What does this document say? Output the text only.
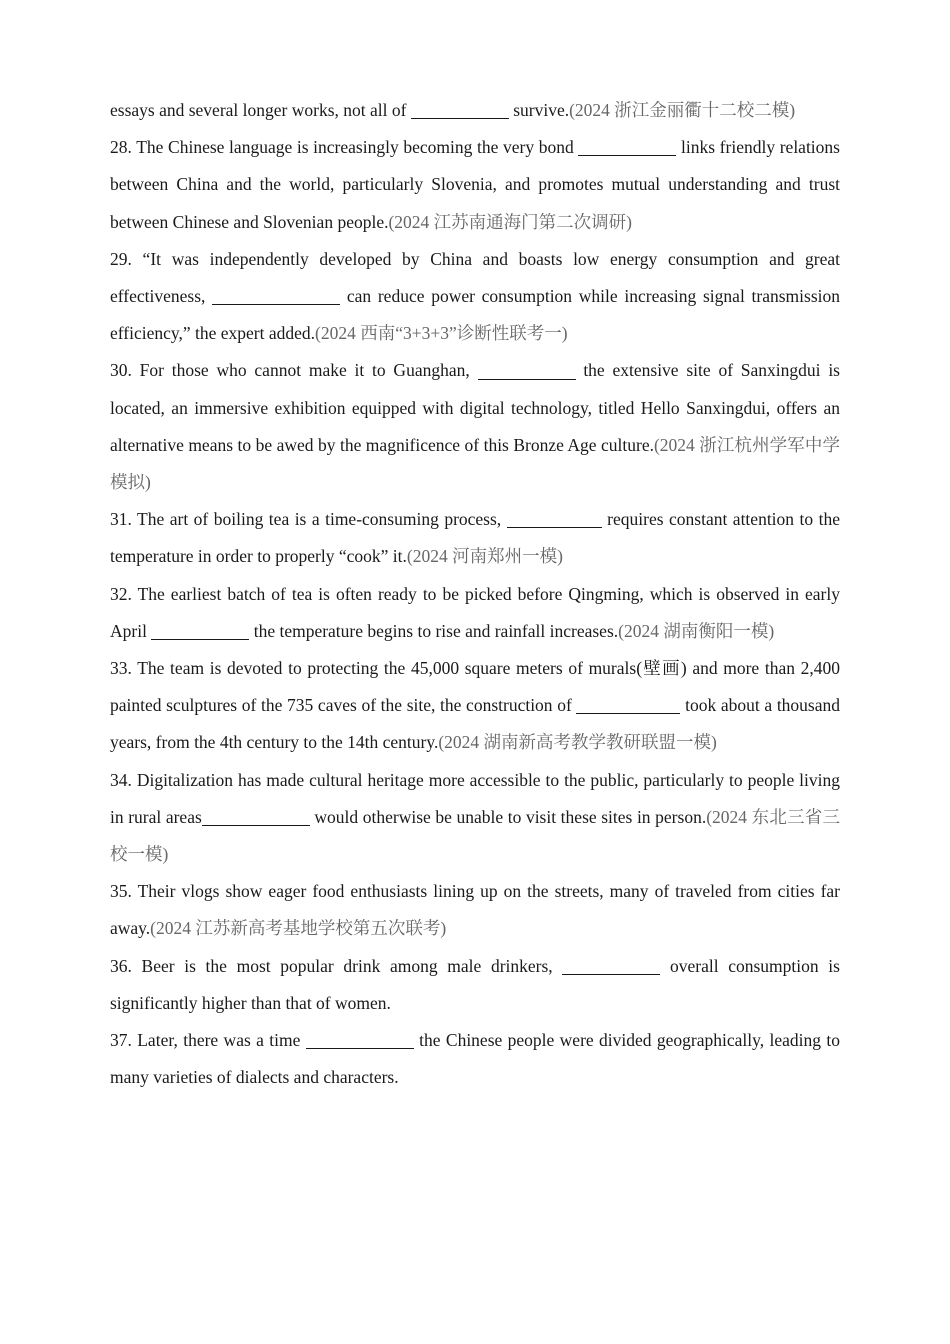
essays and several longer works, not all of	survive.(2024 浙江金丽衢十二校二模)

28. The Chinese language is increasingly becoming the very bond	links friendly relations between China and the world, particularly Slovenia, and promotes mutual understanding and trust between Chinese and Slovenian people.(2024 江苏南通海门第二次调研)

29. “It was independently developed by China and boasts low energy consumption and great effectiveness,	can reduce power consumption while increasing signal transmission efficiency,” the expert added.(2024 西南“3+3+3”诊断性联考一)

30. For those who cannot make it to Guanghan,	the extensive site of Sanxingdui is located, an immersive exhibition equipped with digital technology, titled Hello Sanxingdui, offers an alternative means to be awed by the magnificence of this Bronze Age culture.(2024 浙江杭州学军中学模拟)

31. The art of boiling tea is a time-consuming process,	requires constant attention to the temperature in order to properly “cook” it.(2024 河南郑州一模)

32. The earliest batch of tea is often ready to be picked before Qingming, which is observed in early April	the temperature begins to rise and rainfall increases.(2024 湖南衡阳一模)

33. The team is devoted to protecting the 45,000 square meters of murals(壁画) and more than 2,400 painted sculptures of the 735 caves of the site, the construction of	took about a thousand years, from the 4th century to the 14th century.(2024 湖南新高考教学教研联盟一模)

34. Digitalization has made cultural heritage more accessible to the public, particularly to people living in rural areas	would otherwise be unable to visit these sites in person.(2024 东北三省三校一模)

35. Their vlogs show eager food enthusiasts lining up on the streets, many of traveled from cities far away.(2024 江苏新高考基地学校第五次联考)

36. Beer is the most popular drink among male drinkers,	overall consumption is significantly higher than that of women.

37. Later, there was a time	the Chinese people were divided geographically, leading to many varieties of dialects and characters.
